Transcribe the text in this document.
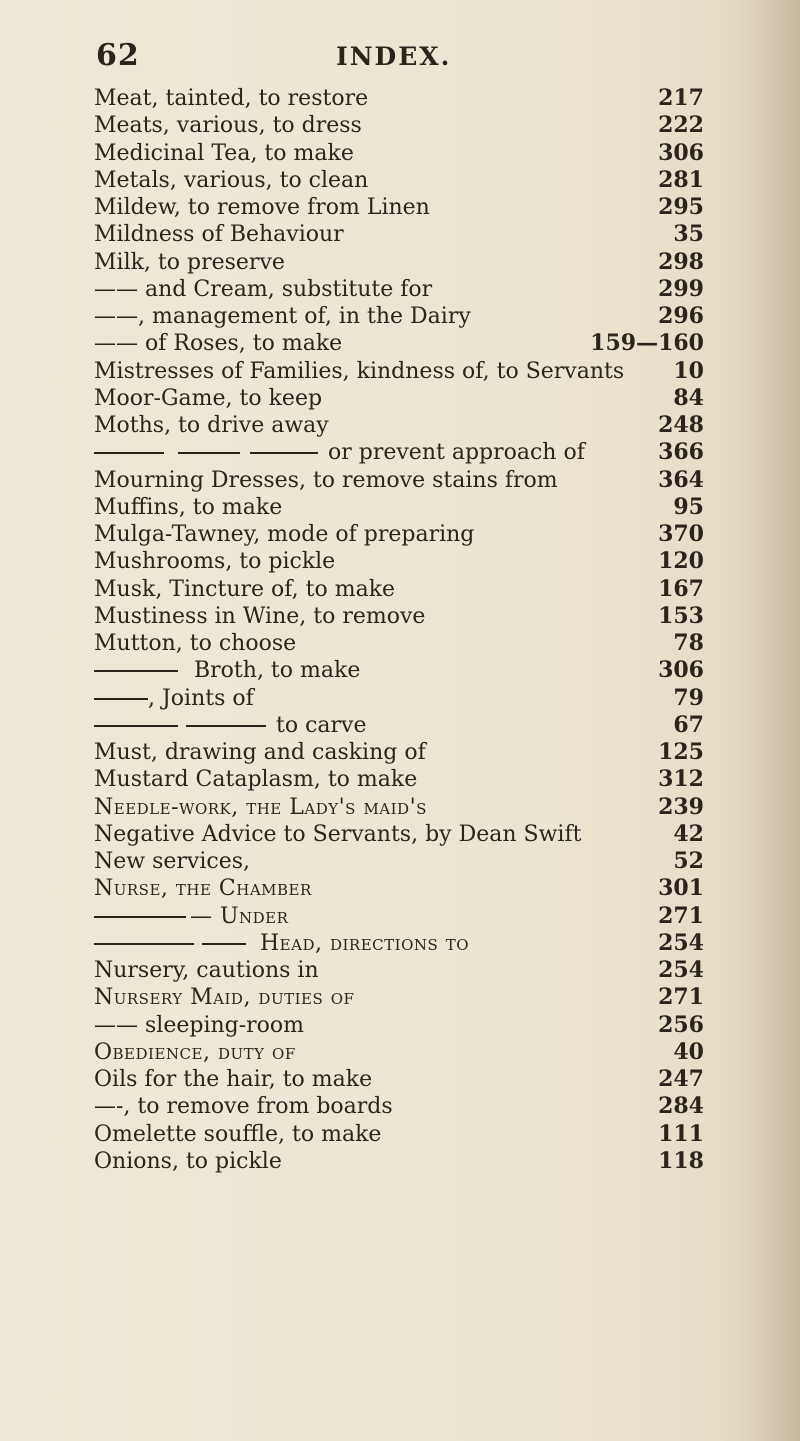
62	INDEX.
Meat, tainted, to restore	217
Meats, various, to dress	222
Medicinal Tea, to make	306
Metals, various, to clean	281
Mildew, to remove from Linen	295
Mildness of Behaviour	35
Milk, to preserve	298
—— and Cream, substitute for	299
——, management of, in the Dairy	296
—— of Roses, to make	159—160
Mistresses of Families, kindness of, to Servants 10
Moor-Game, to keep	84
Moths, to drive away	248
or prevent approach of	366
Mourning Dresses, to remove stains from	364
Muffins, to make	95
Mulga-Tawney, mode of preparing	370
Mushrooms, to pickle	120
Musk, Tincture of, to make	167
Mustiness in Wine, to remove	153
Mutton, to choose	78
Broth, to make	306
, Joints of	79
to carve	67
Must, drawing and casking of	125
Mustard Cataplasm, to make	312
Needle-work, the Lady's maid's	239
Negative Advice to Servants, by Dean Swift	42
New services,	52
Nurse, the Chamber	301
— Under	271
Head, directions to	254
Nursery, cautions in	254
Nursery Maid, duties of	271
—— sleeping-room	256
Obedience, duty of	40
Oils for the hair, to make	247
—-, to remove from boards	284
Omelette souffle, to make	111
Onions, to pickle	118
